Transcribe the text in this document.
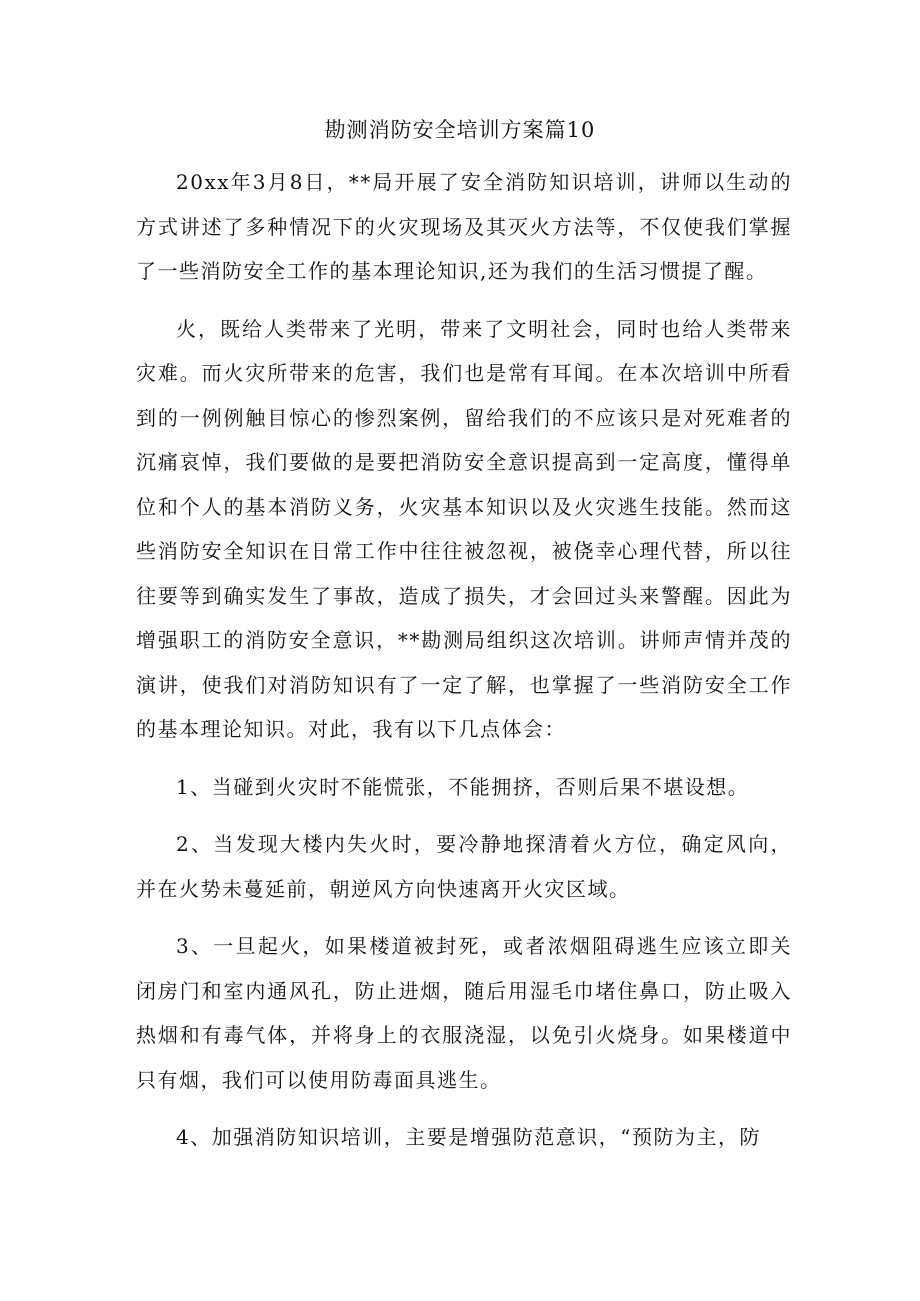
勘测消防安全培训方案篇10

20xx年3月8日，**局开展了安全消防知识培训，讲师以生动的方式讲述了多种情况下的火灾现场及其灭火方法等，不仅使我们掌握了一些消防安全工作的基本理论知识,还为我们的生活习惯提了醒。

火，既给人类带来了光明，带来了文明社会，同时也给人类带来灾难。而火灾所带来的危害，我们也是常有耳闻。在本次培训中所看到的一例例触目惊心的惨烈案例，留给我们的不应该只是对死难者的沉痛哀悼，我们要做的是要把消防安全意识提高到一定高度，懂得单位和个人的基本消防义务，火灾基本知识以及火灾逃生技能。然而这些消防安全知识在日常工作中往往被忽视，被侥幸心理代替，所以往往要等到确实发生了事故，造成了损失，才会回过头来警醒。因此为增强职工的消防安全意识，**勘测局组织这次培训。讲师声情并茂的演讲，使我们对消防知识有了一定了解，也掌握了一些消防安全工作的基本理论知识。对此，我有以下几点体会：

1、当碰到火灾时不能慌张，不能拥挤，否则后果不堪设想。

2、当发现大楼内失火时，要冷静地探清着火方位，确定风向，并在火势未蔓延前，朝逆风方向快速离开火灾区域。

3、一旦起火，如果楼道被封死，或者浓烟阻碍逃生应该立即关闭房门和室内通风孔，防止进烟，随后用湿毛巾堵住鼻口，防止吸入热烟和有毒气体，并将身上的衣服浇湿，以免引火烧身。如果楼道中只有烟，我们可以使用防毒面具逃生。

4、加强消防知识培训，主要是增强防范意识，“预防为主，防
